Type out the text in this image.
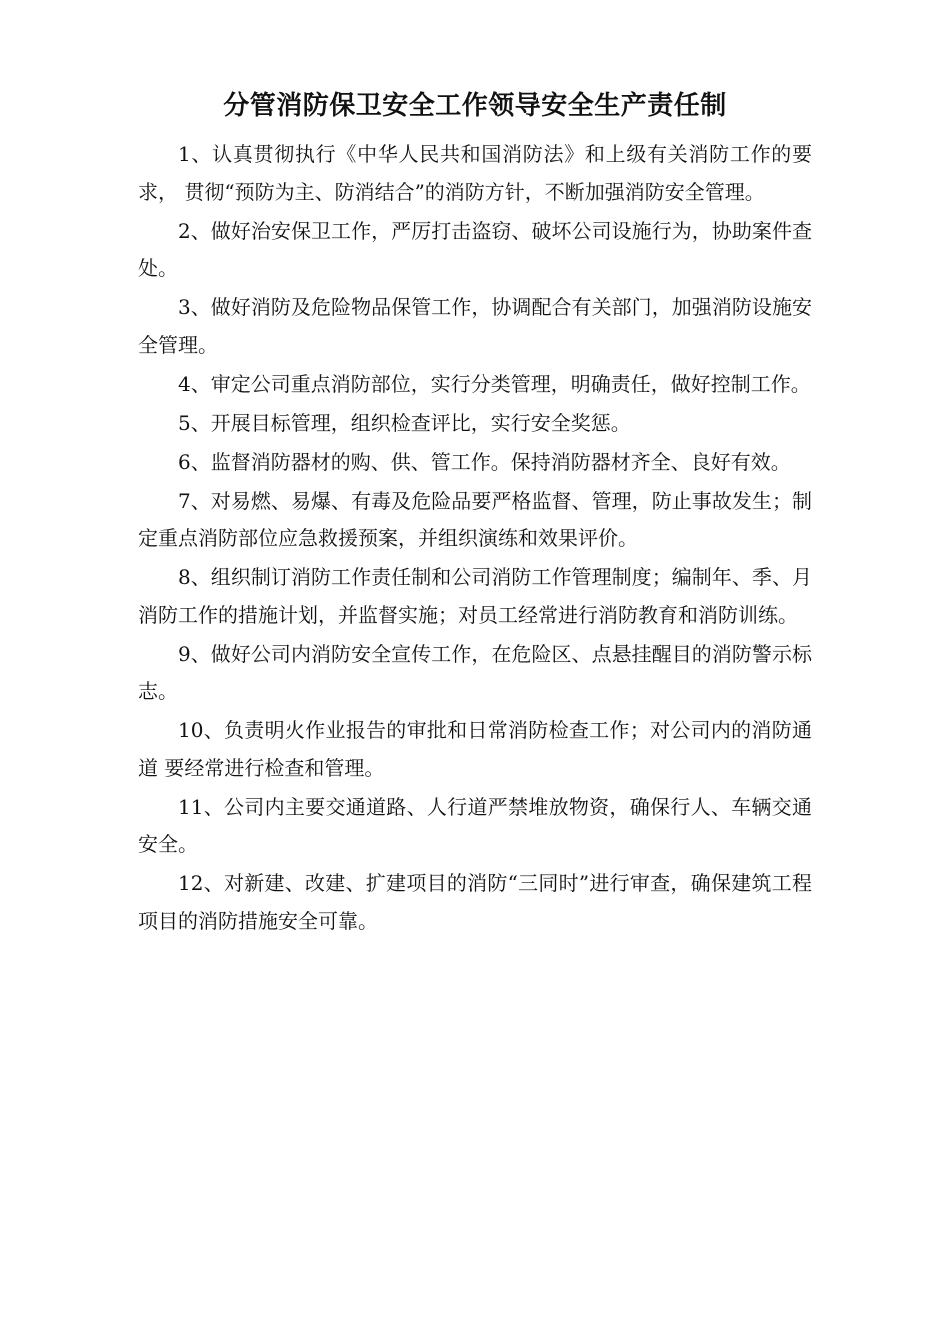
分管消防保卫安全工作领导安全生产责任制

1、认真贯彻执行《中华人民共和国消防法》和上级有关消防工作的要求， 贯彻“预防为主、防消结合”的消防方针，不断加强消防安全管理。

2、做好治安保卫工作，严厉打击盗窃、破坏公司设施行为，协助案件查处。

3、做好消防及危险物品保管工作，协调配合有关部门，加强消防设施安全管理。

4、审定公司重点消防部位，实行分类管理，明确责任，做好控制工作。

5、开展目标管理，组织检查评比，实行安全奖惩。

6、监督消防器材的购、供、管工作。保持消防器材齐全、良好有效。

7、对易燃、易爆、有毒及危险品要严格监督、管理，防止事故发生；制 定重点消防部位应急救援预案，并组织演练和效果评价。

8、组织制订消防工作责任制和公司消防工作管理制度；编制年、季、月 消防工作的措施计划，并监督实施；对员工经常进行消防教育和消防训练。

9、做好公司内消防安全宣传工作，在危险区、点悬挂醒目的消防警示标志。

10、负责明火作业报告的审批和日常消防检查工作；对公司内的消防通道 要经常进行检查和管理。

11、公司内主要交通道路、人行道严禁堆放物资，确保行人、车辆交通安全。

12、对新建、改建、扩建项目的消防“三同时”进行审查，确保建筑工程项目的消防措施安全可靠。
